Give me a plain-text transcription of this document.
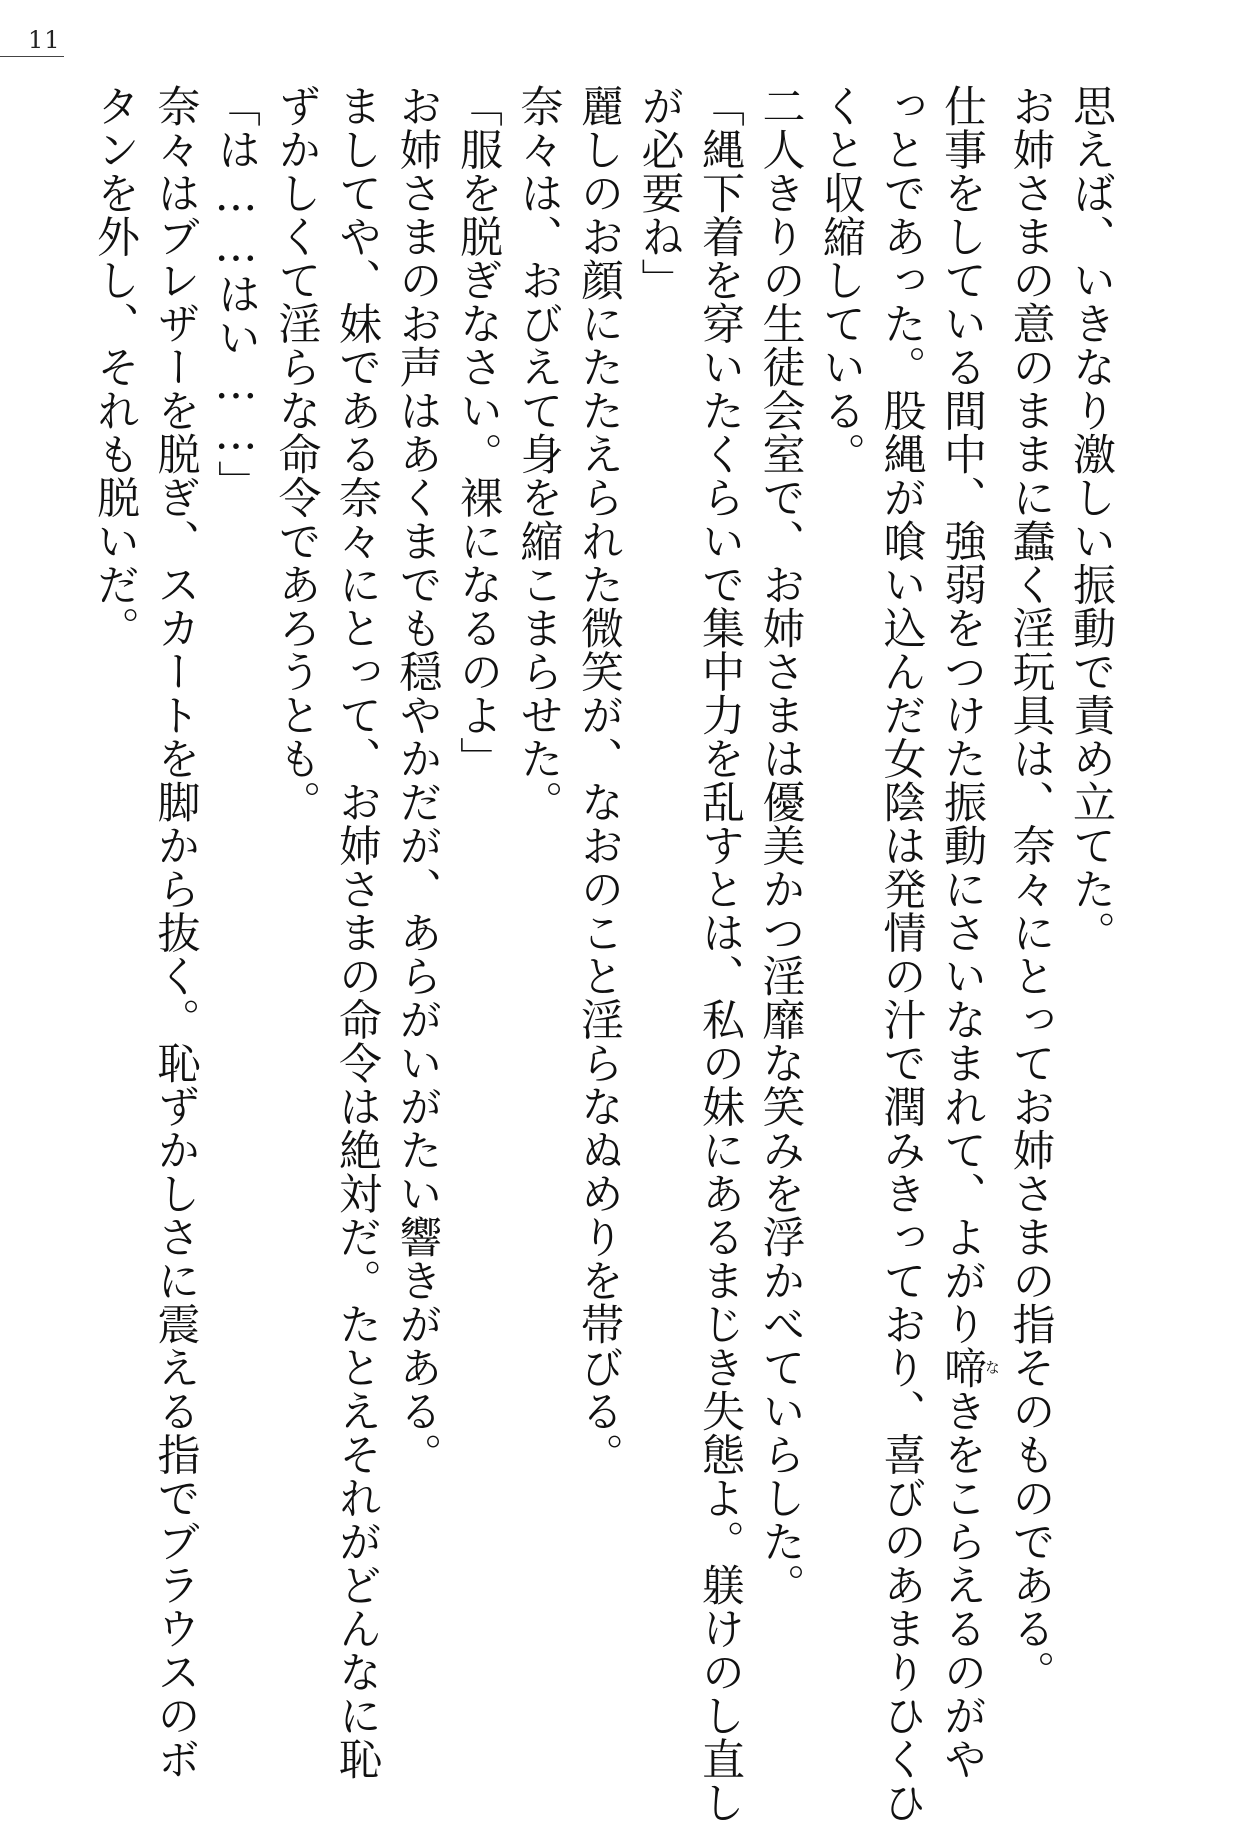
11
思えば、いきなり激しい振動で責め立てた。
お姉さまの意のままに蠢く淫玩具は、奈々にとってお姉さまの指そのものである。
仕事をしている間中、強弱をつけた振動にさいなまれて、よがり啼なきをこらえるのがや
っとであった。股縄が喰い込んだ女陰は発情の汁で潤みきっており、喜びのあまりひくひ
くと収縮している。
二人きりの生徒会室で、お姉さまは優美かつ淫靡な笑みを浮かべていらした。
「縄下着を穿いたくらいで集中力を乱すとは、私の妹にあるまじき失態よ。躾けのし直し
が必要ね」
麗しのお顔にたたえられた微笑が、なおのこと淫らなぬめりを帯びる。
奈々は、おびえて身を縮こまらせた。
「服を脱ぎなさい。裸になるのよ」
お姉さまのお声はあくまでも穏やかだが、あらがいがたい響きがある。
ましてや、妹である奈々にとって、お姉さまの命令は絶対だ。たとえそれがどんなに恥
ずかしくて淫らな命令であろうとも。
「は……はい……」
奈々はブレザーを脱ぎ、スカートを脚から抜く。恥ずかしさに震える指でブラウスのボ
タンを外し、それも脱いだ。
